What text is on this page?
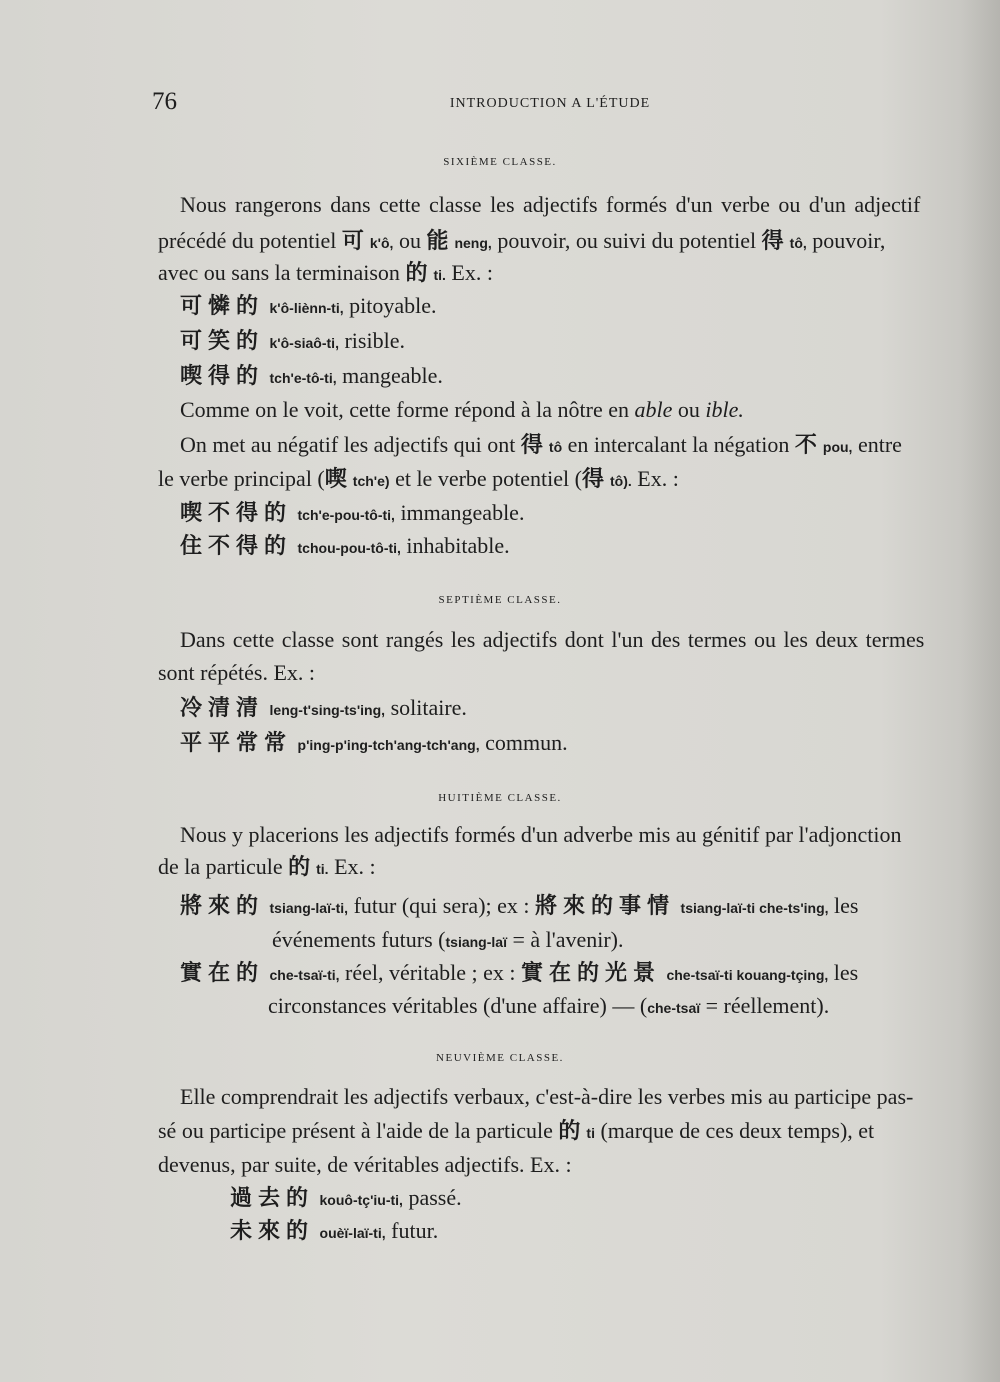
76	INTRODUCTION A L'ÉTUDE
SIXIÈME CLASSE.
Nous rangerons dans cette classe les adjectifs formés d'un verbe ou d'un adjectif
précédé du potentiel 可k'ô, ou 能neng, pouvoir, ou suivi du potentiel 得tô, pouvoir,
avec ou sans la terminaison 的ti. Ex. :
可憐的 k'ô-liènn-ti, pitoyable.
可笑的 k'ô-siaô-ti, risible.
喫得的 tch'e-tô-ti, mangeable.
Comme on le voit, cette forme répond à la nôtre en able ou ible.
On met au négatif les adjectifs qui ont 得tô en intercalant la négation 不pou, entre
le verbe principal (喫tch'e) et le verbe potentiel (得tô). Ex. :
喫不得的 tch'e-pou-tô-ti, immangeable.
住不得的 tchou-pou-tô-ti, inhabitable.
SEPTIÈME CLASSE.
Dans cette classe sont rangés les adjectifs dont l'un des termes ou les deux termes
sont répétés. Ex. :
冷清清 leng-t'sing-ts'ing, solitaire.
平平常常 p'ing-p'ing-tch'ang-tch'ang, commun.
HUITIÈME CLASSE.
Nous y placerions les adjectifs formés d'un adverbe mis au génitif par l'adjonction
de la particule 的ti. Ex. :
將來的 tsiang-laï-ti, futur (qui sera); ex : 將來的事情 tsiang-laï-ti che-ts'ing, les
événements futurs (tsiang-laï = à l'avenir).
實在的 che-tsaï-ti, réel, véritable ; ex : 實在的光景 che-tsaï-ti kouang-tçing, les
circonstances véritables (d'une affaire) — (che-tsaï = réellement).
NEUVIÈME CLASSE.
Elle comprendrait les adjectifs verbaux, c'est-à-dire les verbes mis au participe pas-
sé ou participe présent à l'aide de la particule 的ti (marque de ces deux temps), et
devenus, par suite, de véritables adjectifs. Ex. :
過去的 kouô-tç'iu-ti, passé.
未來的 ouèï-laï-ti, futur.
